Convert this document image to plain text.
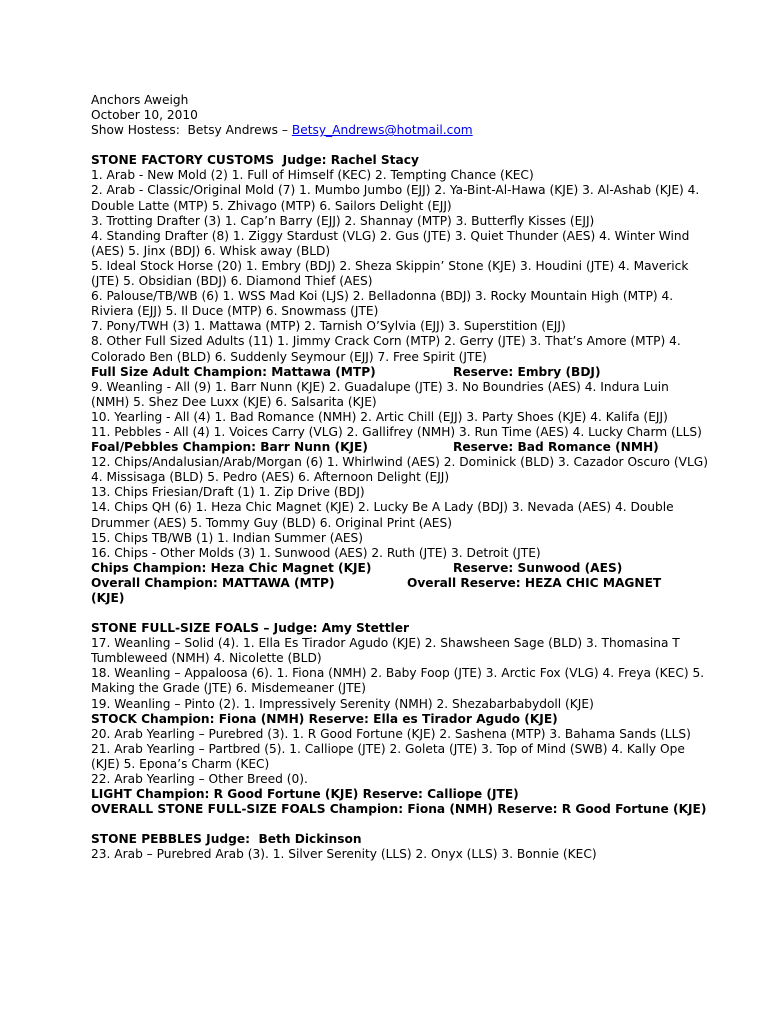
Anchors Aweigh

October 10, 2010

Show Hostess:  Betsy Andrews – Betsy_Andrews@hotmail.com

STONE FACTORY CUSTOMS  Judge: Rachel Stacy

1. Arab - New Mold (2) 1. Full of Himself (KEC) 2. Tempting Chance (KEC)

2. Arab - Classic/Original Mold (7) 1. Mumbo Jumbo (EJJ) 2. Ya-Bint-Al-Hawa (KJE) 3. Al-Ashab (KJE) 4. Double Latte (MTP) 5. Zhivago (MTP) 6. Sailors Delight (EJJ)

3. Trotting Drafter (3) 1. Cap’n Barry (EJJ) 2. Shannay (MTP) 3. Butterfly Kisses (EJJ)

4. Standing Drafter (8) 1. Ziggy Stardust (VLG) 2. Gus (JTE) 3. Quiet Thunder (AES) 4. Winter Wind (AES) 5. Jinx (BDJ) 6. Whisk away (BLD)

5. Ideal Stock Horse (20) 1. Embry (BDJ) 2. Sheza Skippin’ Stone (KJE) 3. Houdini (JTE) 4. Maverick (JTE) 5. Obsidian (BDJ) 6. Diamond Thief (AES)

6. Palouse/TB/WB (6) 1. WSS Mad Koi (LJS) 2. Belladonna (BDJ) 3. Rocky Mountain High (MTP) 4. Riviera (EJJ) 5. Il Duce (MTP) 6. Snowmass (JTE)

7. Pony/TWH (3) 1. Mattawa (MTP) 2. Tarnish O’Sylvia (EJJ) 3. Superstition (EJJ)

8. Other Full Sized Adults (11) 1. Jimmy Crack Corn (MTP) 2. Gerry (JTE) 3. That’s Amore (MTP) 4. Colorado Ben (BLD) 6. Suddenly Seymour (EJJ) 7. Free Spirit (JTE)

Full Size Adult Champion: Mattawa (MTP)	Reserve: Embry (BDJ)

9. Weanling - All (9) 1. Barr Nunn (KJE) 2. Guadalupe (JTE) 3. No Boundries (AES) 4. Indura Luin (NMH) 5. Shez Dee Luxx (KJE) 6. Salsarita (KJE)

10. Yearling - All (4) 1. Bad Romance (NMH) 2. Artic Chill (EJJ) 3. Party Shoes (KJE) 4. Kalifa (EJJ)

11. Pebbles - All (4) 1. Voices Carry (VLG) 2. Gallifrey (NMH) 3. Run Time (AES) 4. Lucky Charm (LLS)

Foal/Pebbles Champion: Barr Nunn (KJE)	Reserve: Bad Romance (NMH)

12. Chips/Andalusian/Arab/Morgan (6) 1. Whirlwind (AES) 2. Dominick (BLD) 3. Cazador Oscuro (VLG) 4. Missisaga (BLD) 5. Pedro (AES) 6. Afternoon Delight (EJJ)

13. Chips Friesian/Draft (1) 1. Zip Drive (BDJ)

14. Chips QH (6) 1. Heza Chic Magnet (KJE) 2. Lucky Be A Lady (BDJ) 3. Nevada (AES) 4. Double Drummer (AES) 5. Tommy Guy (BLD) 6. Original Print (AES)

15. Chips TB/WB (1) 1. Indian Summer (AES)

16. Chips - Other Molds (3) 1. Sunwood (AES) 2. Ruth (JTE) 3. Detroit (JTE)

Chips Champion: Heza Chic Magnet (KJE)	Reserve: Sunwood (AES)
Overall Champion: MATTAWA (MTP)	Overall Reserve: HEZA CHIC MAGNET

(KJE)

STONE FULL-SIZE FOALS – Judge: Amy Stettler

17. Weanling – Solid (4). 1. Ella Es Tirador Agudo (KJE) 2. Shawsheen Sage (BLD) 3. Thomasina T Tumbleweed (NMH) 4. Nicolette (BLD)

18. Weanling – Appaloosa (6). 1. Fiona (NMH) 2. Baby Foop (JTE) 3. Arctic Fox (VLG) 4. Freya (KEC) 5. Making the Grade (JTE) 6. Misdemeaner (JTE)

19. Weanling – Pinto (2). 1. Impressively Serenity (NMH) 2. Shezabarbabydoll (KJE)

STOCK Champion: Fiona (NMH) Reserve: Ella es Tirador Agudo (KJE)

20. Arab Yearling – Purebred (3). 1. R Good Fortune (KJE) 2. Sashena (MTP) 3. Bahama Sands (LLS)

21. Arab Yearling – Partbred (5). 1. Calliope (JTE) 2. Goleta (JTE) 3. Top of Mind (SWB) 4. Kally Ope (KJE) 5. Epona’s Charm (KEC)

22. Arab Yearling – Other Breed (0).

LIGHT Champion: R Good Fortune (KJE) Reserve: Calliope (JTE)

OVERALL STONE FULL-SIZE FOALS Champion: Fiona (NMH) Reserve: R Good Fortune (KJE)

STONE PEBBLES Judge:  Beth Dickinson

23. Arab – Purebred Arab (3). 1. Silver Serenity (LLS) 2. Onyx (LLS) 3. Bonnie (KEC)
